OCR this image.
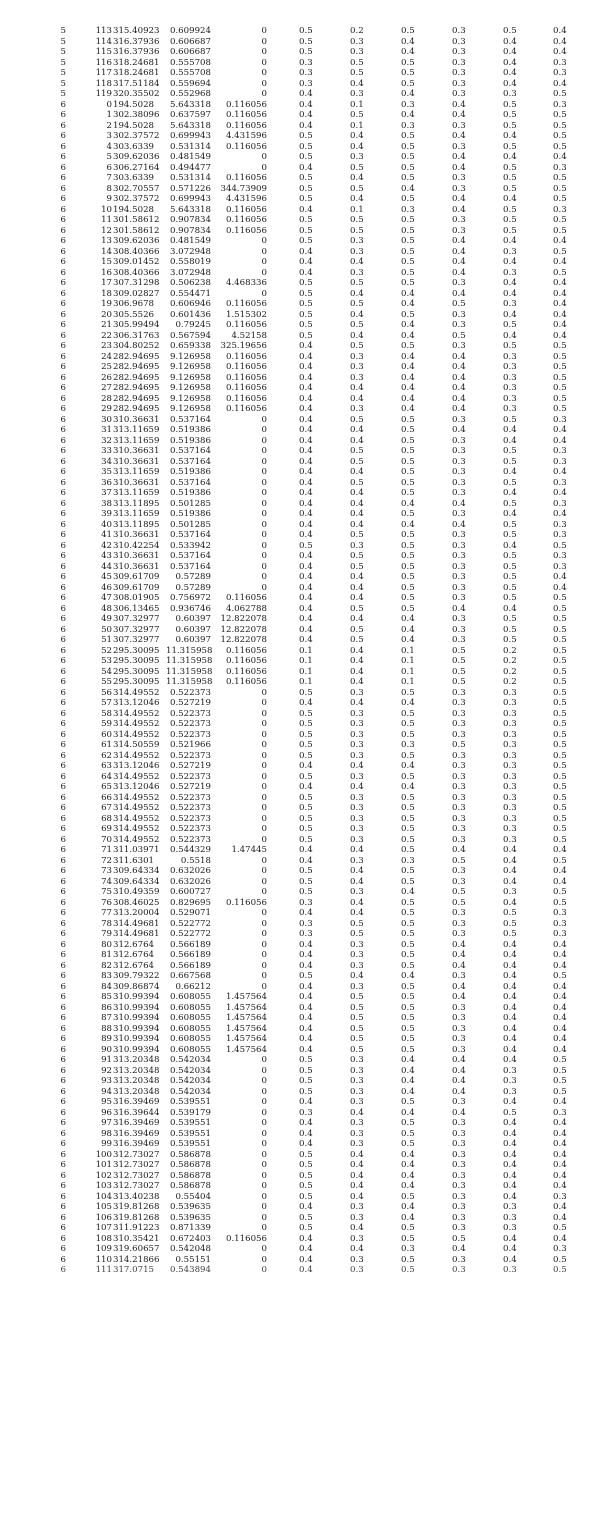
5	113 315.40923	0.609924	0	0.5	0.2	0.5	0.3	0.5	0.4
5	114 316.37936	0.606687	0	0.5	0.3	0.4	0.3	0.4	0.4
5	115 316.37936	0.606687	0	0.5	0.3	0.4	0.3	0.4	0.4
5	116 318.24681	0.555708	0	0.3	0.5	0.5	0.3	0.4	0.3
5	117 318.24681	0.555708	0	0.3	0.5	0.5	0.3	0.4	0.3
5	118 317.51184	0.559694	0	0.3	0.4	0.5	0.3	0.4	0.4
5	119 320.35502	0.552968	0	0.4	0.3	0.4	0.3	0.3	0.5
6	0 194.5028	5.643318	0.116056	0.4	0.1	0.3	0.4	0.5	0.3
6	1 302.38096	0.637597	0.116056	0.4	0.5	0.4	0.4	0.5	0.5
6	2 194.5028	5.643318	0.116056	0.4	0.1	0.3	0.3	0.5	0.5
6	3 302.37572	0.699943	4.431596	0.5	0.4	0.5	0.4	0.4	0.5
6	4 303.6339	0.531314	0.116056	0.5	0.4	0.5	0.3	0.5	0.5
6	5 309.62036	0.481549	0	0.5	0.3	0.5	0.4	0.4	0.4
6	6 306.27164	0.494477	0	0.4	0.5	0.5	0.4	0.5	0.3
6	7 303.6339	0.531314	0.116056	0.5	0.4	0.5	0.3	0.5	0.5
6	8 302.70557	0.571226	344.73909	0.5	0.5	0.4	0.3	0.5	0.5
6	9 302.37572	0.699943	4.431596	0.5	0.4	0.5	0.4	0.4	0.5
6	10 194.5028	5.643318	0.116056	0.4	0.1	0.3	0.4	0.5	0.3
6	11 301.58612	0.907834	0.116056	0.5	0.5	0.5	0.3	0.5	0.5
6	12 301.58612	0.907834	0.116056	0.5	0.5	0.5	0.3	0.5	0.5
6	13 309.62036	0.481549	0	0.5	0.3	0.5	0.4	0.4	0.4
6	14 308.40366	3.072948	0	0.4	0.3	0.5	0.4	0.3	0.5
6	15 309.01452	0.558019	0	0.4	0.4	0.5	0.4	0.4	0.4
6	16 308.40366	3.072948	0	0.4	0.3	0.5	0.4	0.3	0.5
6	17 307.31298	0.506238	4.468336	0.5	0.5	0.5	0.3	0.4	0.4
6	18 309.02827	0.554471	0	0.5	0.4	0.4	0.4	0.4	0.4
6	19 306.9678	0.606946	0.116056	0.5	0.5	0.4	0.5	0.3	0.4
6	20 305.5526	0.601436	1.515302	0.5	0.4	0.5	0.3	0.4	0.4
6	21 305.99494	0.79245	0.116056	0.5	0.5	0.4	0.3	0.5	0.4
6	22 306.31763	0.567594	4.52158	0.5	0.4	0.4	0.5	0.4	0.4
6	23 304.80252	0.659338	325.19656	0.4	0.5	0.5	0.3	0.5	0.5
6	24 282.94695	9.126958	0.116056	0.4	0.3	0.4	0.4	0.3	0.5
6	25 282.94695	9.126958	0.116056	0.4	0.3	0.4	0.4	0.3	0.5
6	26 282.94695	9.126958	0.116056	0.4	0.3	0.4	0.4	0.3	0.5
6	27 282.94695	9.126958	0.116056	0.4	0.4	0.4	0.4	0.3	0.5
6	28 282.94695	9.126958	0.116056	0.4	0.4	0.4	0.4	0.3	0.5
6	29 282.94695	9.126958	0.116056	0.4	0.3	0.4	0.4	0.3	0.5
6	30 310.36631	0.537164	0	0.4	0.5	0.5	0.3	0.5	0.3
6	31 313.11659	0.519386	0	0.4	0.4	0.5	0.4	0.4	0.4
6	32 313.11659	0.519386	0	0.4	0.4	0.5	0.3	0.4	0.4
6	33 310.36631	0.537164	0	0.4	0.5	0.5	0.3	0.5	0.3
6	34 310.36631	0.537164	0	0.4	0.5	0.5	0.3	0.5	0.3
6	35 313.11659	0.519386	0	0.4	0.4	0.5	0.3	0.4	0.4
6	36 310.36631	0.537164	0	0.4	0.5	0.5	0.3	0.5	0.3
6	37 313.11659	0.519386	0	0.4	0.4	0.5	0.3	0.4	0.4
6	38 313.11895	0.501285	0	0.4	0.4	0.4	0.4	0.5	0.3
6	39 313.11659	0.519386	0	0.4	0.4	0.5	0.3	0.4	0.4
6	40 313.11895	0.501285	0	0.4	0.4	0.4	0.4	0.5	0.3
6	41 310.36631	0.537164	0	0.4	0.5	0.5	0.3	0.5	0.3
6	42 310.42254	0.533942	0	0.5	0.3	0.5	0.3	0.4	0.5
6	43 310.36631	0.537164	0	0.4	0.5	0.5	0.3	0.5	0.3
6	44 310.36631	0.537164	0	0.4	0.5	0.5	0.3	0.5	0.3
6	45 309.61709	0.57289	0	0.4	0.4	0.5	0.3	0.5	0.4
6	46 309.61709	0.57289	0	0.4	0.4	0.5	0.3	0.5	0.4
6	47 308.01905	0.756972	0.116056	0.4	0.4	0.5	0.3	0.5	0.5
6	48 306.13465	0.936746	4.062788	0.4	0.5	0.5	0.4	0.4	0.5
6	49 307.32977	0.60397	12.822078	0.4	0.4	0.4	0.3	0.5	0.5
6	50 307.32977	0.60397	12.822078	0.4	0.5	0.4	0.3	0.5	0.5
6	51 307.32977	0.60397	12.822078	0.4	0.5	0.4	0.3	0.5	0.5
6	52 295.30095 11.315958	0.116056	0.1	0.4	0.1	0.5	0.2	0.5
6	53 295.30095 11.315958	0.116056	0.1	0.4	0.1	0.5	0.2	0.5
6	54 295.30095 11.315958	0.116056	0.1	0.4	0.1	0.5	0.2	0.5
6	55 295.30095 11.315958	0.116056	0.1	0.4	0.1	0.5	0.2	0.5
6	56 314.49552	0.522373	0	0.5	0.3	0.5	0.3	0.3	0.5
6	57 313.12046	0.527219	0	0.4	0.4	0.4	0.3	0.3	0.5
6	58 314.49552	0.522373	0	0.5	0.3	0.5	0.3	0.3	0.5
6	59 314.49552	0.522373	0	0.5	0.3	0.5	0.3	0.3	0.5
6	60 314.49552	0.522373	0	0.5	0.3	0.5	0.3	0.3	0.5
6	61 314.50559	0.521966	0	0.5	0.3	0.3	0.5	0.3	0.5
6	62 314.49552	0.522373	0	0.5	0.3	0.5	0.3	0.3	0.5
6	63 313.12046	0.527219	0	0.4	0.4	0.4	0.3	0.3	0.5
6	64 314.49552	0.522373	0	0.5	0.3	0.5	0.3	0.3	0.5
6	65 313.12046	0.527219	0	0.4	0.4	0.4	0.3	0.3	0.5
6	66 314.49552	0.522373	0	0.5	0.3	0.5	0.3	0.3	0.5
6	67 314.49552	0.522373	0	0.5	0.3	0.5	0.3	0.3	0.5
6	68 314.49552	0.522373	0	0.5	0.3	0.5	0.3	0.3	0.5
6	69 314.49552	0.522373	0	0.5	0.3	0.5	0.3	0.3	0.5
6	70 314.49552	0.522373	0	0.5	0.3	0.5	0.3	0.3	0.5
6	71 311.03971	0.544329	1.47445	0.4	0.4	0.5	0.4	0.4	0.4
6	72 311.6301	0.5518	0	0.4	0.3	0.3	0.5	0.4	0.5
6	73 309.64334	0.632026	0	0.5	0.4	0.5	0.3	0.4	0.4
6	74 309.64334	0.632026	0	0.5	0.4	0.5	0.3	0.4	0.4
6	75 310.49359	0.600727	0	0.5	0.3	0.4	0.5	0.3	0.5
6	76 308.46025	0.829695	0.116056	0.3	0.4	0.5	0.5	0.4	0.5
6	77 313.20004	0.529071	0	0.4	0.4	0.5	0.3	0.5	0.3
6	78 314.49681	0.522772	0	0.3	0.5	0.5	0.3	0.5	0.3
6	79 314.49681	0.522772	0	0.3	0.5	0.5	0.3	0.5	0.3
6	80 312.6764	0.566189	0	0.4	0.3	0.5	0.4	0.4	0.4
6	81 312.6764	0.566189	0	0.4	0.3	0.5	0.4	0.4	0.4
6	82 312.6764	0.566189	0	0.4	0.3	0.5	0.4	0.4	0.4
6	83 309.79322	0.667568	0	0.5	0.4	0.4	0.3	0.4	0.5
6	84 309.86874	0.66212	0	0.4	0.3	0.5	0.4	0.4	0.4
6	85 310.99394	0.608055	1.457564	0.4	0.5	0.5	0.4	0.4	0.4
6	86 310.99394	0.608055	1.457564	0.4	0.5	0.5	0.3	0.4	0.4
6	87 310.99394	0.608055	1.457564	0.4	0.5	0.5	0.3	0.4	0.4
6	88 310.99394	0.608055	1.457564	0.4	0.5	0.5	0.3	0.4	0.4
6	89 310.99394	0.608055	1.457564	0.4	0.5	0.5	0.3	0.4	0.4
6	90 310.99394	0.608055	1.457564	0.4	0.5	0.5	0.3	0.4	0.4
6	91 313.20348	0.542034	0	0.5	0.3	0.4	0.4	0.4	0.5
6	92 313.20348	0.542034	0	0.5	0.3	0.4	0.4	0.3	0.5
6	93 313.20348	0.542034	0	0.5	0.3	0.4	0.4	0.3	0.5
6	94 313.20348	0.542034	0	0.5	0.3	0.4	0.4	0.3	0.5
6	95 316.39469	0.539551	0	0.4	0.3	0.5	0.3	0.4	0.4
6	96 316.39644	0.539179	0	0.3	0.4	0.4	0.4	0.5	0.3
6	97 316.39469	0.539551	0	0.4	0.3	0.5	0.3	0.4	0.4
6	98 316.39469	0.539551	0	0.4	0.3	0.5	0.3	0.4	0.4
6	99 316.39469	0.539551	0	0.4	0.3	0.5	0.3	0.4	0.4
6	100 312.73027	0.586878	0	0.5	0.4	0.4	0.3	0.4	0.4
6	101 312.73027	0.586878	0	0.5	0.4	0.4	0.3	0.4	0.4
6	102 312.73027	0.586878	0	0.5	0.4	0.4	0.3	0.4	0.4
6	103 312.73027	0.586878	0	0.5	0.4	0.4	0.3	0.4	0.4
6	104 313.40238	0.55404	0	0.5	0.4	0.5	0.3	0.4	0.3
6	105 319.81268	0.539635	0	0.4	0.3	0.4	0.3	0.3	0.4
6	106 319.81268	0.539635	0	0.5	0.3	0.4	0.3	0.3	0.4
6	107 311.91223	0.871339	0	0.5	0.4	0.5	0.3	0.3	0.5
6	108 310.35421	0.672403	0.116056	0.4	0.3	0.5	0.5	0.4	0.4
6	109 319.60657	0.542048	0	0.4	0.4	0.3	0.4	0.4	0.3
6	110 314.21866	0.55151	0	0.4	0.3	0.5	0.3	0.4	0.5
6	111 317.0715	0.543894	0	0.4	0.3	0.5	0.3	0.3	0.5
